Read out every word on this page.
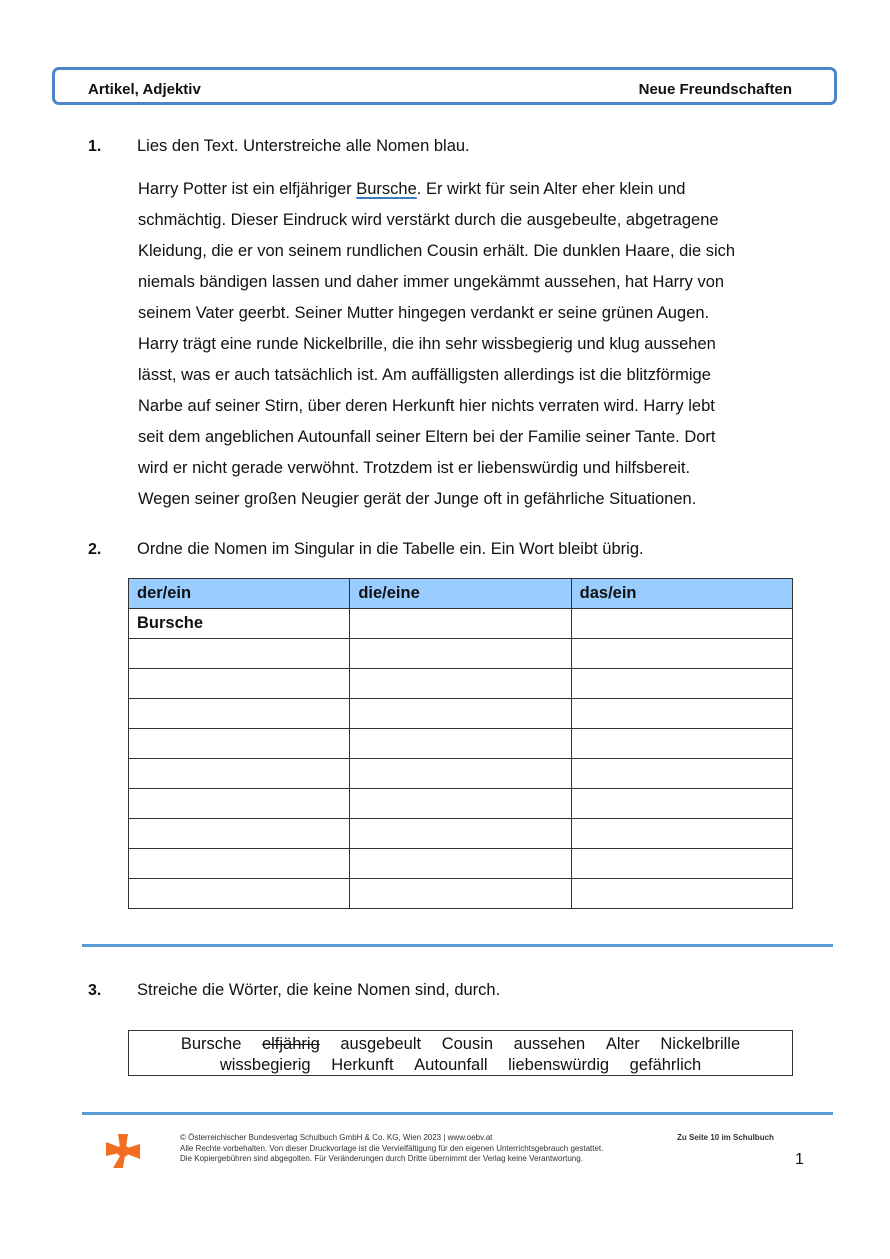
Artikel, Adjektiv	Neue Freundschaften
1. Lies den Text. Unterstreiche alle Nomen blau.
Harry Potter ist ein elfjähriger Bursche. Er wirkt für sein Alter eher klein und
schmächtig. Dieser Eindruck wird verstärkt durch die ausgebeulte, abgetragene
Kleidung, die er von seinem rundlichen Cousin erhält. Die dunklen Haare, die sich
niemals bändigen lassen und daher immer ungekämmt aussehen, hat Harry von
seinem Vater geerbt. Seiner Mutter hingegen verdankt er seine grünen Augen.
Harry trägt eine runde Nickelbrille, die ihn sehr wissbegierig und klug aussehen
lässt, was er auch tatsächlich ist. Am auffälligsten allerdings ist die blitzförmige
Narbe auf seiner Stirn, über deren Herkunft hier nichts verraten wird. Harry lebt
seit dem angeblichen Autounfall seiner Eltern bei der Familie seiner Tante. Dort
wird er nicht gerade verwöhnt. Trotzdem ist er liebenswürdig und hilfsbereit.
Wegen seiner großen Neugier gerät der Junge oft in gefährliche Situationen.
2. Ordne die Nomen im Singular in die Tabelle ein. Ein Wort bleibt übrig.
der/ein	die/eine	das/ein
Bursche		

3. Streiche die Wörter, die keine Nomen sind, durch.
Bursche elfjährig ausgebeult Cousin aussehen Alter Nickelbrille
wissbegierig Herkunft Autounfall liebenswürdig gefährlich
© Österreichischer Bundesverlag Schulbuch GmbH & Co. KG, Wien 2023 | www.oebv.at
Alle Rechte vorbehalten. Von dieser Druckvorlage ist die Vervielfältigung für den eigenen Unterrichtsgebrauch gestattet.
Die Kopiergebühren sind abgegolten. Für Veränderungen durch Dritte übernimmt der Verlag keine Verantwortung.
Zu Seite 10 im Schulbuch
1
